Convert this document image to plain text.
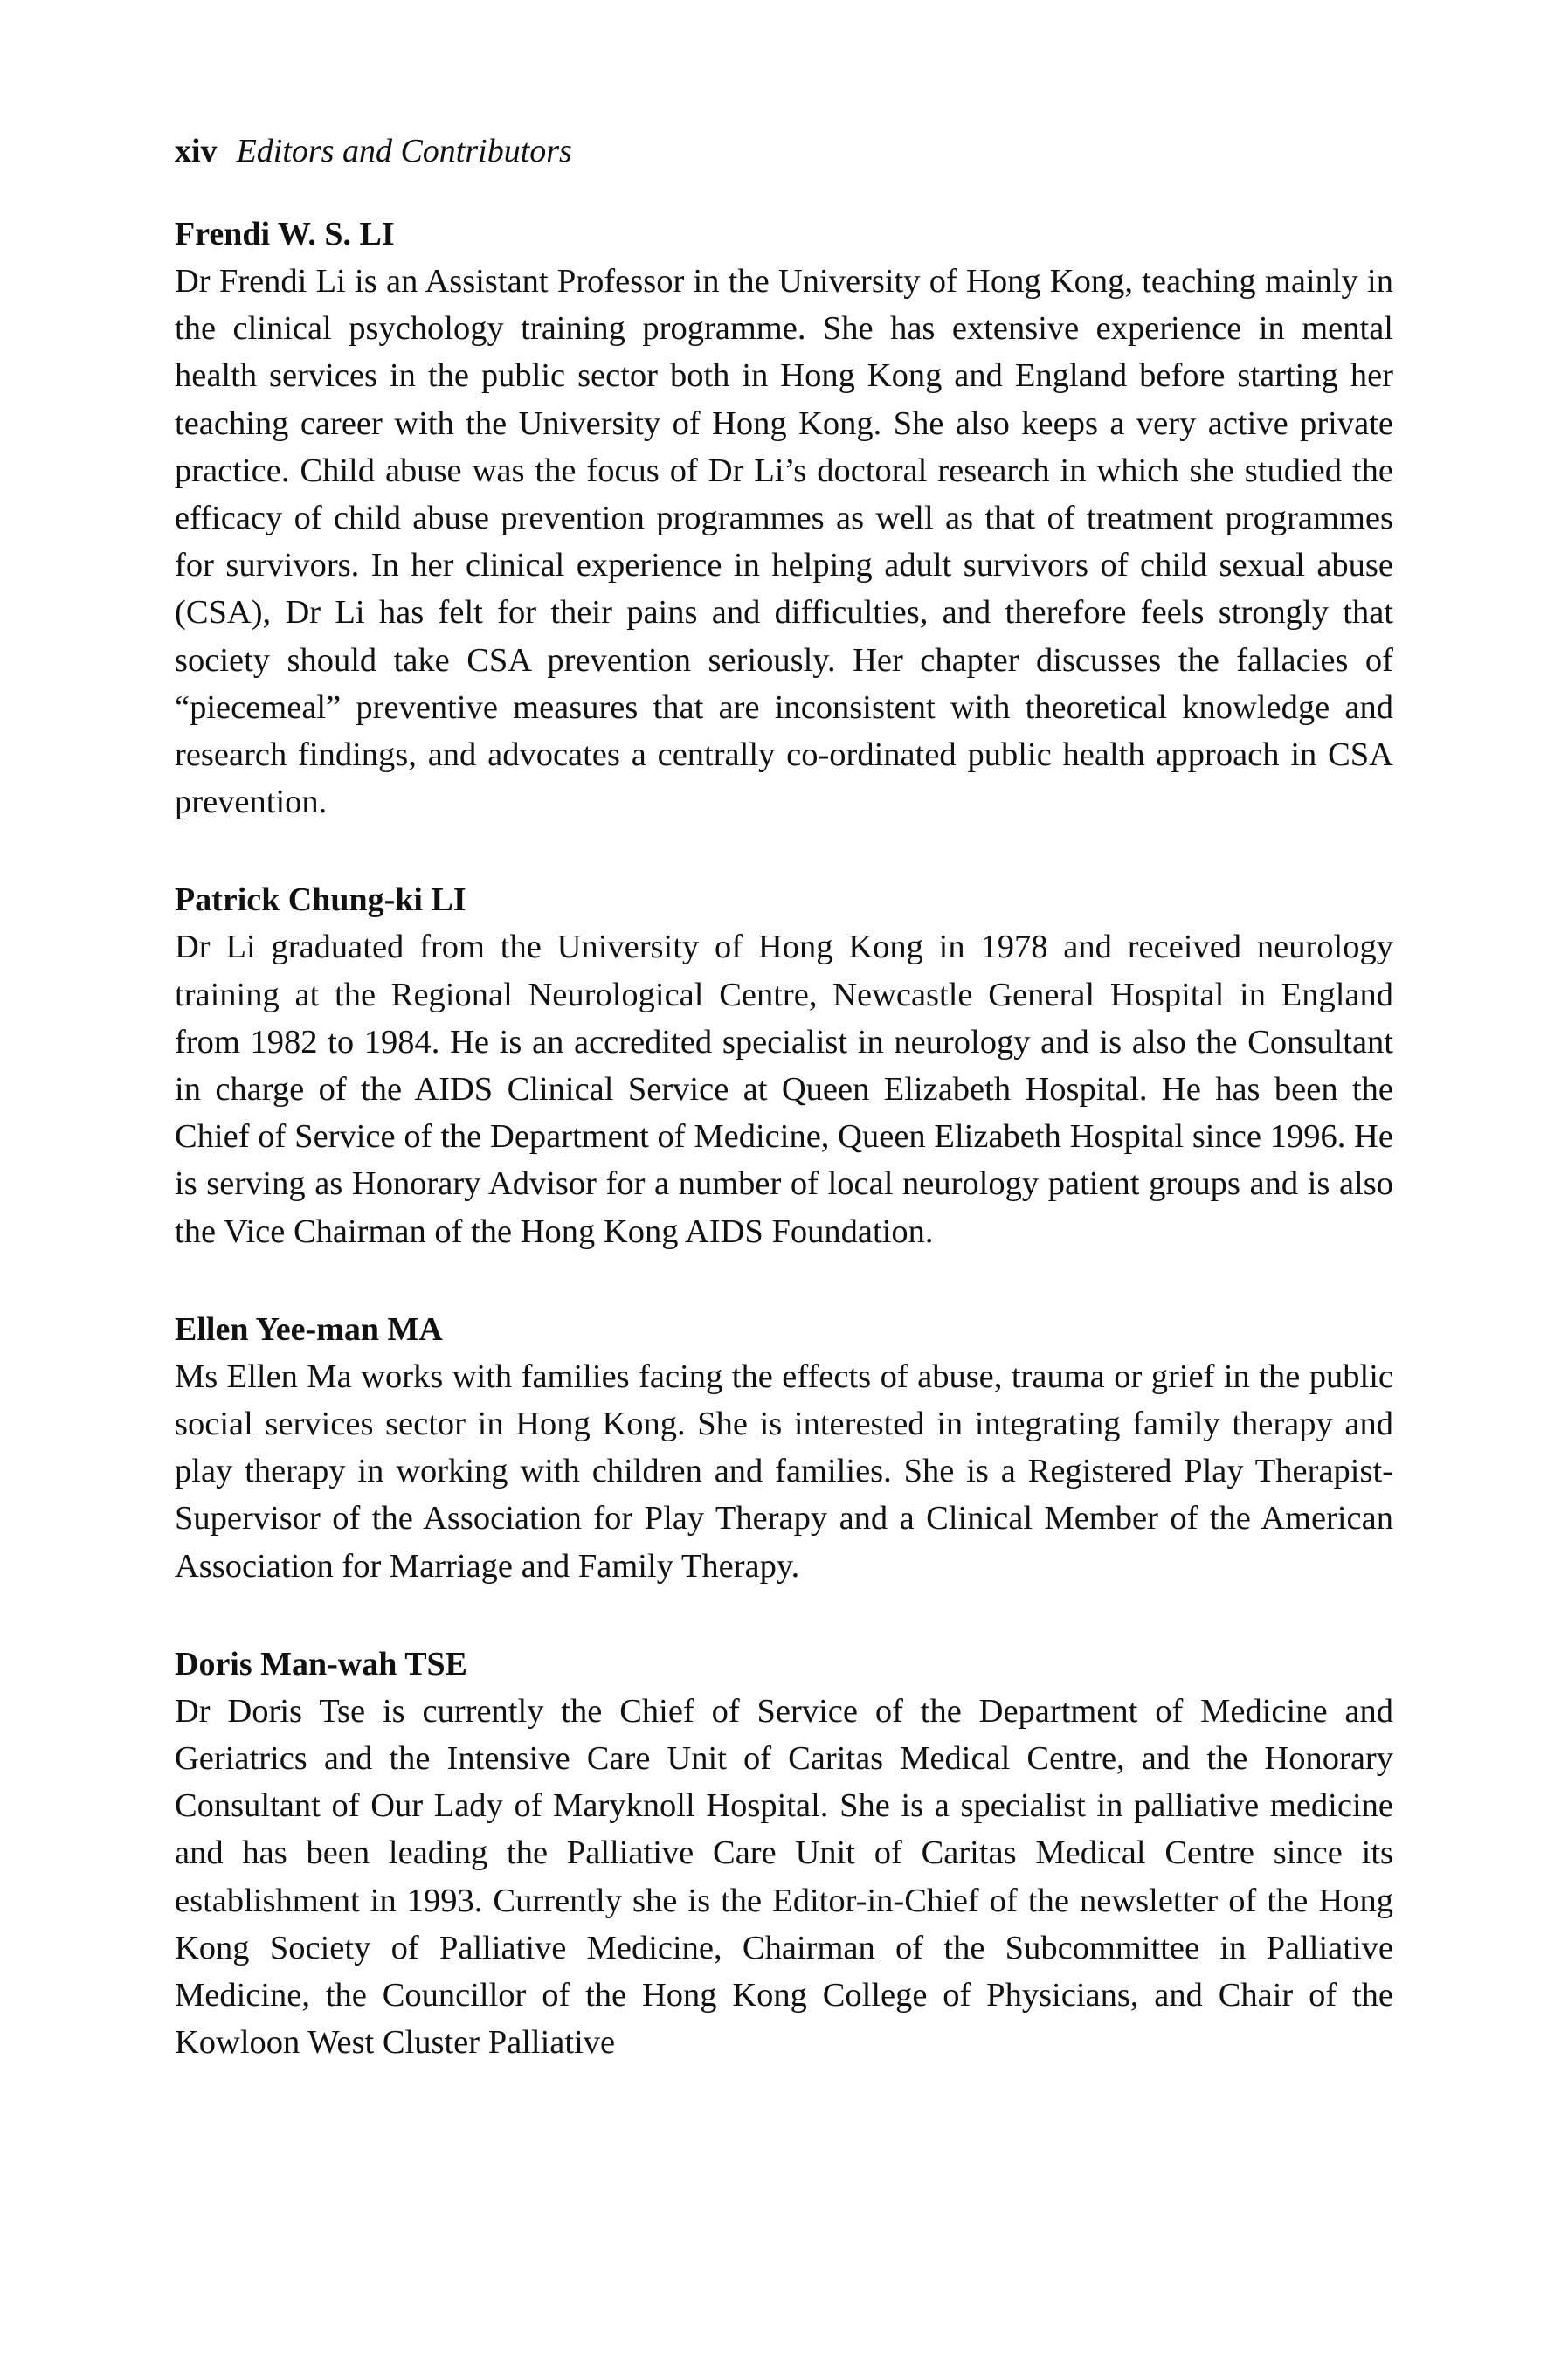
xiv Editors and Contributors

Frendi W. S. LI

Dr Frendi Li is an Assistant Professor in the University of Hong Kong, teaching mainly in the clinical psychology training programme. She has extensive experience in mental health services in the public sector both in Hong Kong and England before starting her teaching career with the University of Hong Kong. She also keeps a very active private practice. Child abuse was the focus of Dr Li’s doctoral research in which she studied the efficacy of child abuse prevention programmes as well as that of treatment programmes for survivors. In her clinical experience in helping adult survivors of child sexual abuse (CSA), Dr Li has felt for their pains and difficulties, and therefore feels strongly that society should take CSA prevention seriously. Her chapter discusses the fallacies of “piecemeal” preventive measures that are inconsistent with theoretical knowledge and research findings, and advocates a centrally co-ordinated public health approach in CSA prevention.

Patrick Chung-ki LI

Dr Li graduated from the University of Hong Kong in 1978 and received neurology training at the Regional Neurological Centre, Newcastle General Hospital in England from 1982 to 1984. He is an accredited specialist in neurology and is also the Consultant in charge of the AIDS Clinical Service at Queen Elizabeth Hospital. He has been the Chief of Service of the Department of Medicine, Queen Elizabeth Hospital since 1996. He is serving as Honorary Advisor for a number of local neurology patient groups and is also the Vice Chairman of the Hong Kong AIDS Foundation.

Ellen Yee-man MA

Ms Ellen Ma works with families facing the effects of abuse, trauma or grief in the public social services sector in Hong Kong. She is interested in integrating family therapy and play therapy in working with children and families. She is a Registered Play Therapist-Supervisor of the Association for Play Therapy and a Clinical Member of the American Association for Marriage and Family Therapy.

Doris Man-wah TSE

Dr Doris Tse is currently the Chief of Service of the Department of Medicine and Geriatrics and the Intensive Care Unit of Caritas Medical Centre, and the Honorary Consultant of Our Lady of Maryknoll Hospital. She is a specialist in palliative medicine and has been leading the Palliative Care Unit of Caritas Medical Centre since its establishment in 1993. Currently she is the Editor-in-Chief of the newsletter of the Hong Kong Society of Palliative Medicine, Chairman of the Subcommittee in Palliative Medicine, the Councillor of the Hong Kong College of Physicians, and Chair of the Kowloon West Cluster Palliative
